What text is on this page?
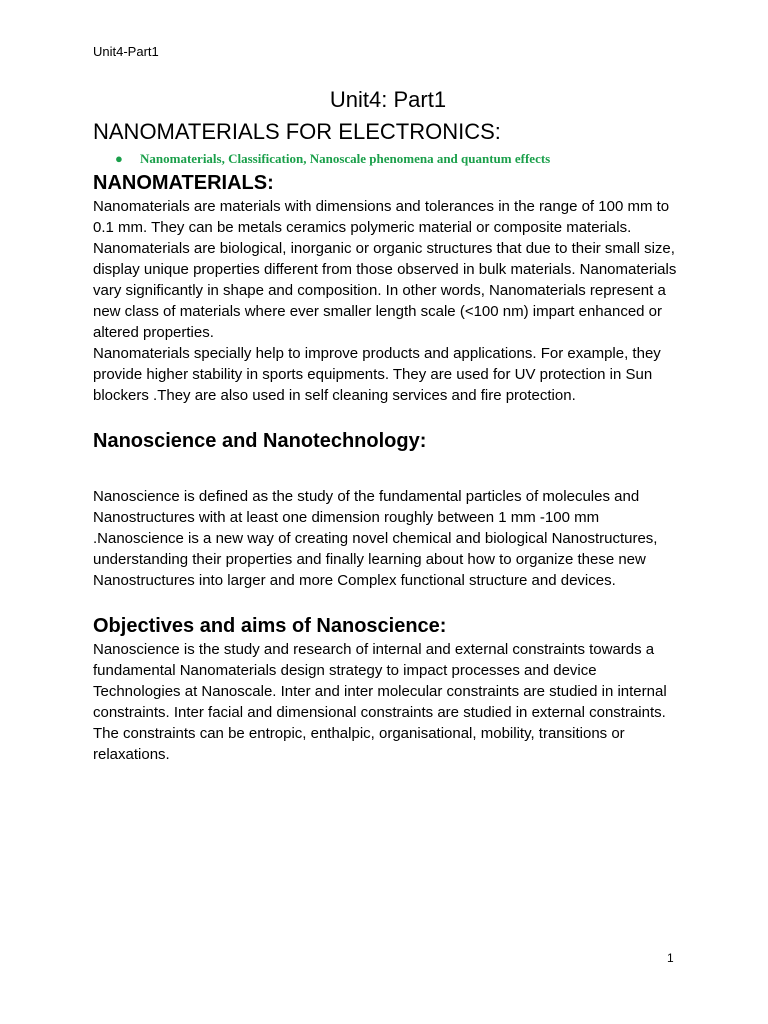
Unit4-Part1
Unit4: Part1
NANOMATERIALS FOR ELECTRONICS:
● Nanomaterials, Classification, Nanoscale phenomena and quantum effects
NANOMATERIALS:

Nanomaterials are materials with dimensions and tolerances in the range of 100 mm to 0.1 mm. They can be metals ceramics polymeric material or composite materials.

Nanomaterials are biological, inorganic or organic structures that due to their small size, display unique properties different from those observed in bulk materials. Nanomaterials vary significantly in shape and composition. In other words, Nanomaterials represent a new class of materials where ever smaller length scale (<100 nm) impart enhanced or altered properties.

Nanomaterials specially help to improve products and applications. For example, they provide higher stability in sports equipments. They are used for UV protection in Sun blockers .They are also used in self cleaning services and fire protection.

Nanoscience and Nanotechnology:

Nanoscience is defined as the study of the fundamental particles of molecules and Nanostructures with at least one dimension roughly between 1 mm -100 mm .Nanoscience is a new way of creating novel chemical and biological Nanostructures, understanding their properties and finally learning about how to organize these new Nanostructures into larger and more Complex functional structure and devices.

Objectives and aims of Nanoscience:

Nanoscience is the study and research of internal and external constraints towards a fundamental Nanomaterials design strategy to impact processes and device Technologies at Nanoscale. Inter and inter molecular constraints are studied in internal constraints. Inter facial and dimensional constraints are studied in external constraints. The constraints can be entropic, enthalpic, organisational, mobility, transitions or relaxations.

1
